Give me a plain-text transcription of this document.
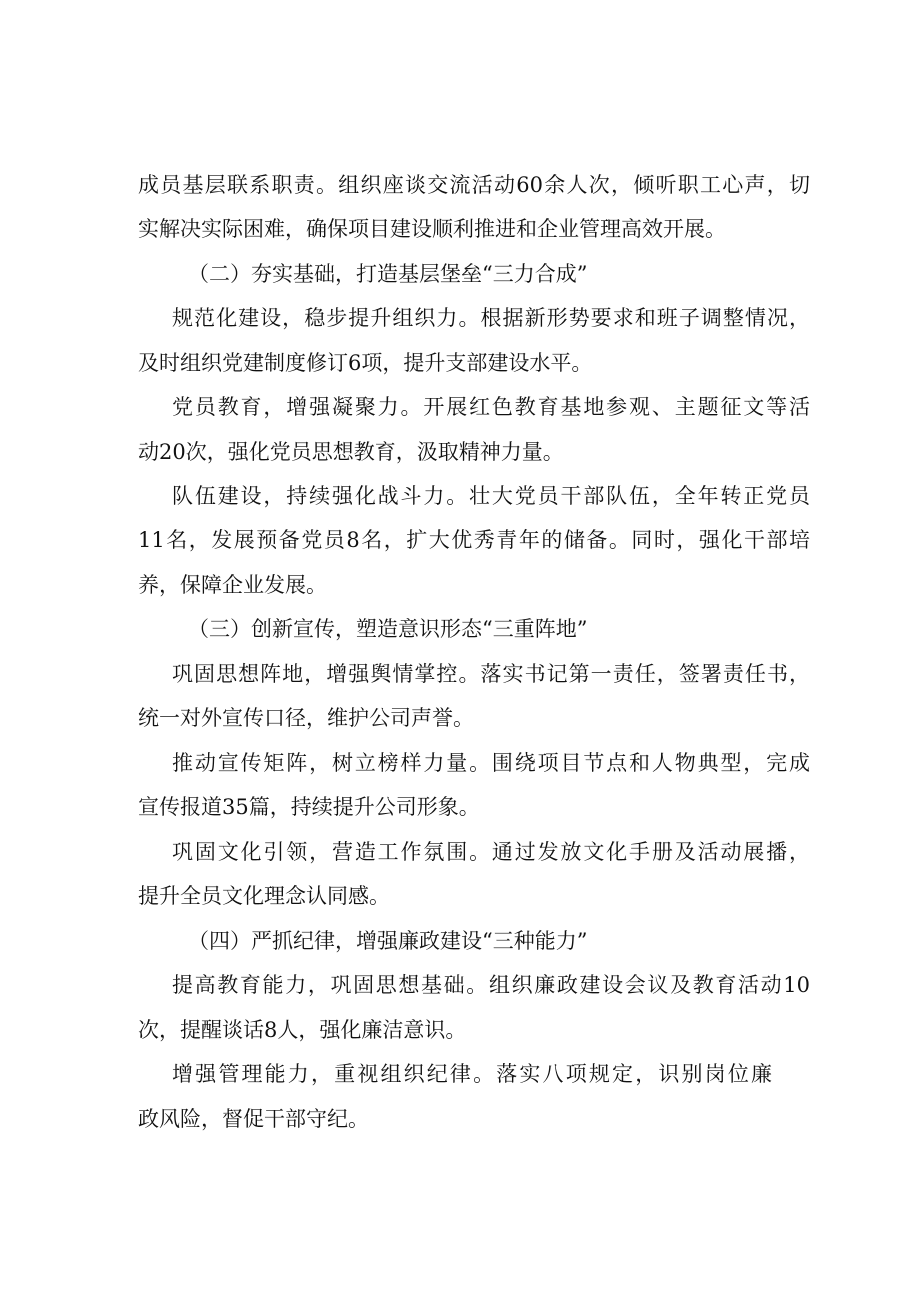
成员基层联系职责。组织座谈交流活动60余人次，倾听职工心声，切
实解决实际困难，确保项目建设顺利推进和企业管理高效开展。
（二）夯实基础，打造基层堡垒“三力合成”
规范化建设，稳步提升组织力。根据新形势要求和班子调整情况，
及时组织党建制度修订6项，提升支部建设水平。
党员教育，增强凝聚力。开展红色教育基地参观、主题征文等活
动20次，强化党员思想教育，汲取精神力量。
队伍建设，持续强化战斗力。壮大党员干部队伍，全年转正党员
11名，发展预备党员8名，扩大优秀青年的储备。同时，强化干部培
养，保障企业发展。
（三）创新宣传，塑造意识形态“三重阵地”
巩固思想阵地，增强舆情掌控。落实书记第一责任，签署责任书，
统一对外宣传口径，维护公司声誉。
推动宣传矩阵，树立榜样力量。围绕项目节点和人物典型，完成
宣传报道35篇，持续提升公司形象。
巩固文化引领，营造工作氛围。通过发放文化手册及活动展播，
提升全员文化理念认同感。
（四）严抓纪律，增强廉政建设“三种能力”
提高教育能力，巩固思想基础。组织廉政建设会议及教育活动10
次，提醒谈话8人，强化廉洁意识。
增强管理能力，重视组织纪律。落实八项规定，识别岗位廉
政风险，督促干部守纪。
